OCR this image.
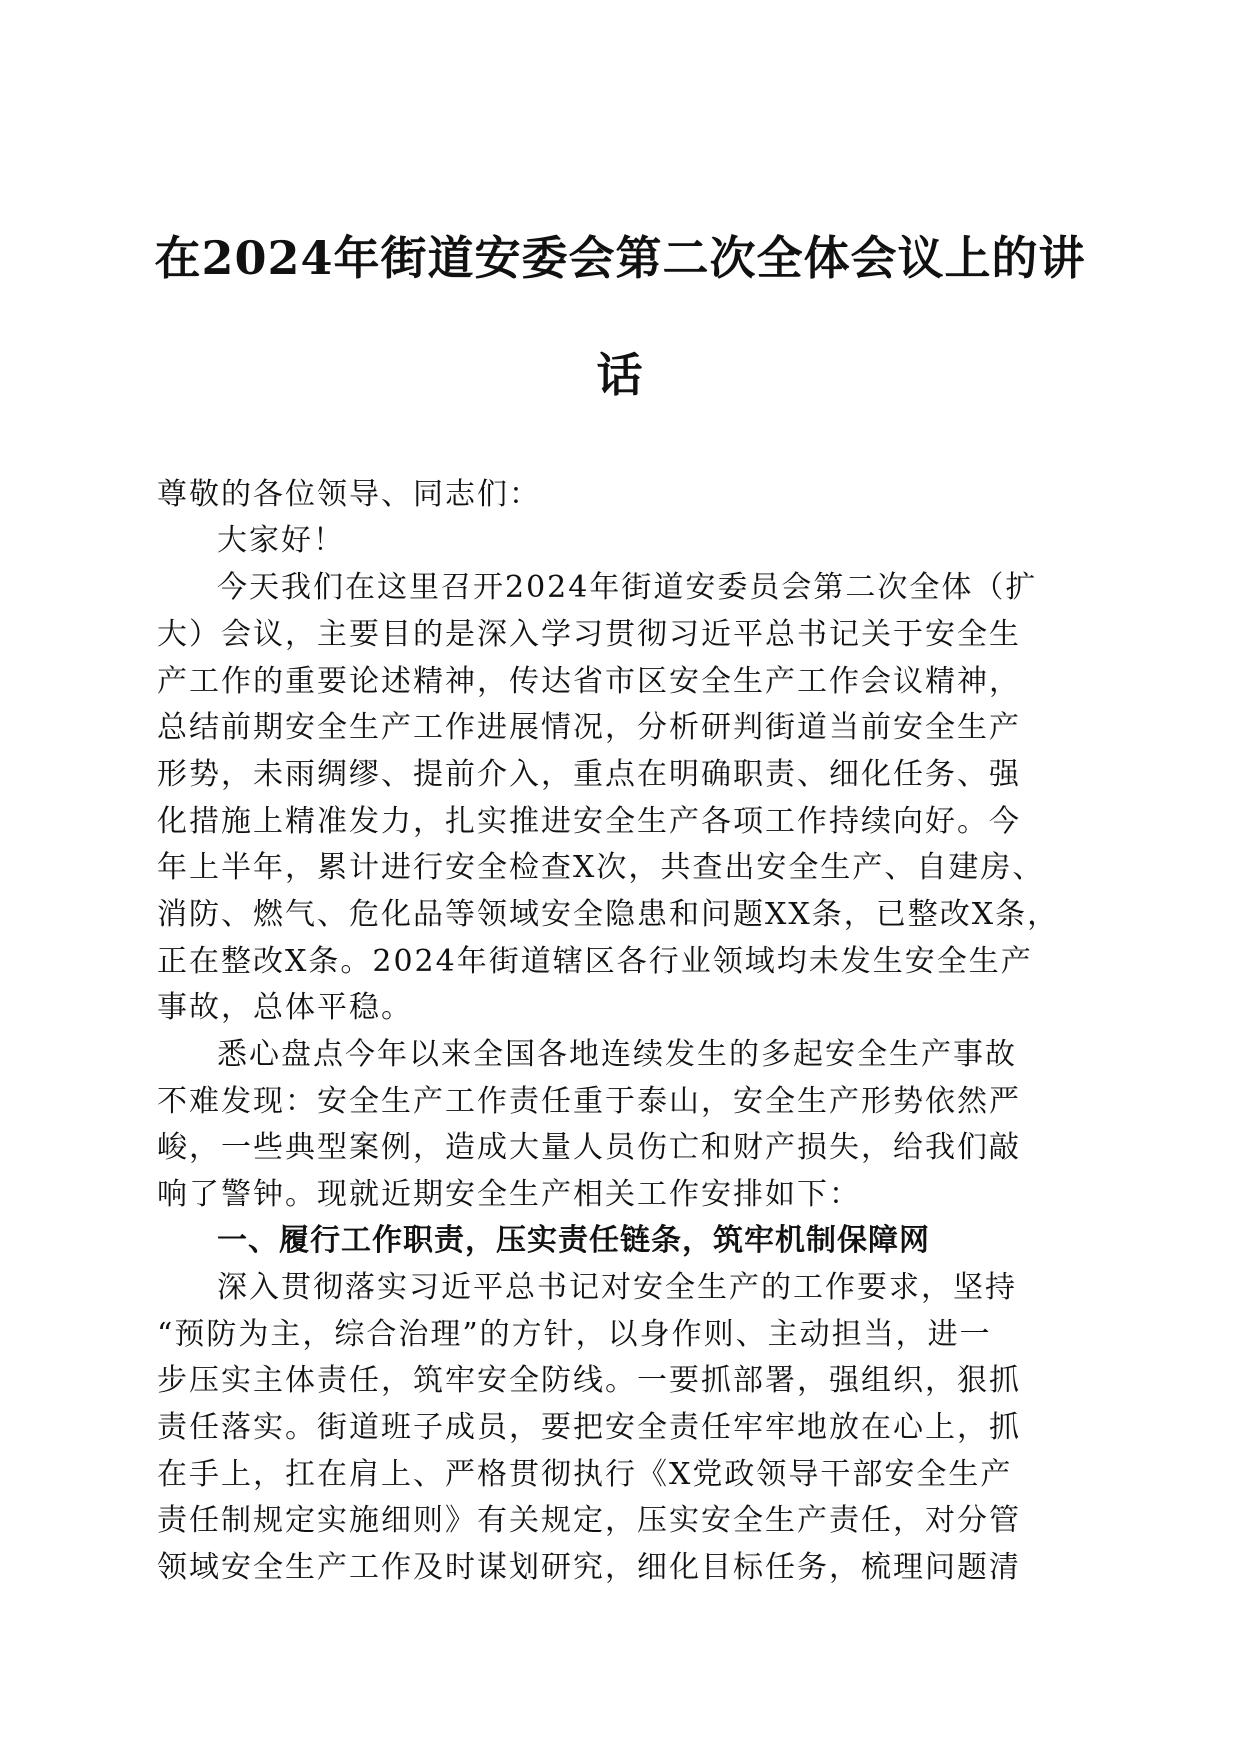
在2024年街道安委会第二次全体会议上的讲
话

尊敬的各位领导、同志们：

大家好！

今天我们在这里召开2024年街道安委员会第二次全体（扩

大）会议，主要目的是深入学习贯彻习近平总书记关于安全生

产工作的重要论述精神，传达省市区安全生产工作会议精神，

总结前期安全生产工作进展情况，分析研判街道当前安全生产

形势，未雨绸缪、提前介入，重点在明确职责、细化任务、强

化措施上精准发力，扎实推进安全生产各项工作持续向好。今

年上半年，累计进行安全检查X次，共查出安全生产、自建房、

消防、燃气、危化品等领域安全隐患和问题XX条，已整改X条，

正在整改X条。2024年街道辖区各行业领域均未发生安全生产

事故，总体平稳。

悉心盘点今年以来全国各地连续发生的多起安全生产事故

不难发现：安全生产工作责任重于泰山，安全生产形势依然严

峻，一些典型案例，造成大量人员伤亡和财产损失，给我们敲

响了警钟。现就近期安全生产相关工作安排如下：

一、履行工作职责，压实责任链条，筑牢机制保障网

深入贯彻落实习近平总书记对安全生产的工作要求，坚持

“预防为主，综合治理”的方针，以身作则、主动担当，进一

步压实主体责任，筑牢安全防线。一要抓部署，强组织，狠抓

责任落实。街道班子成员，要把安全责任牢牢地放在心上，抓

在手上，扛在肩上、严格贯彻执行《X党政领导干部安全生产

责任制规定实施细则》有关规定，压实安全生产责任，对分管

领域安全生产工作及时谋划研究，细化目标任务，梳理问题清
